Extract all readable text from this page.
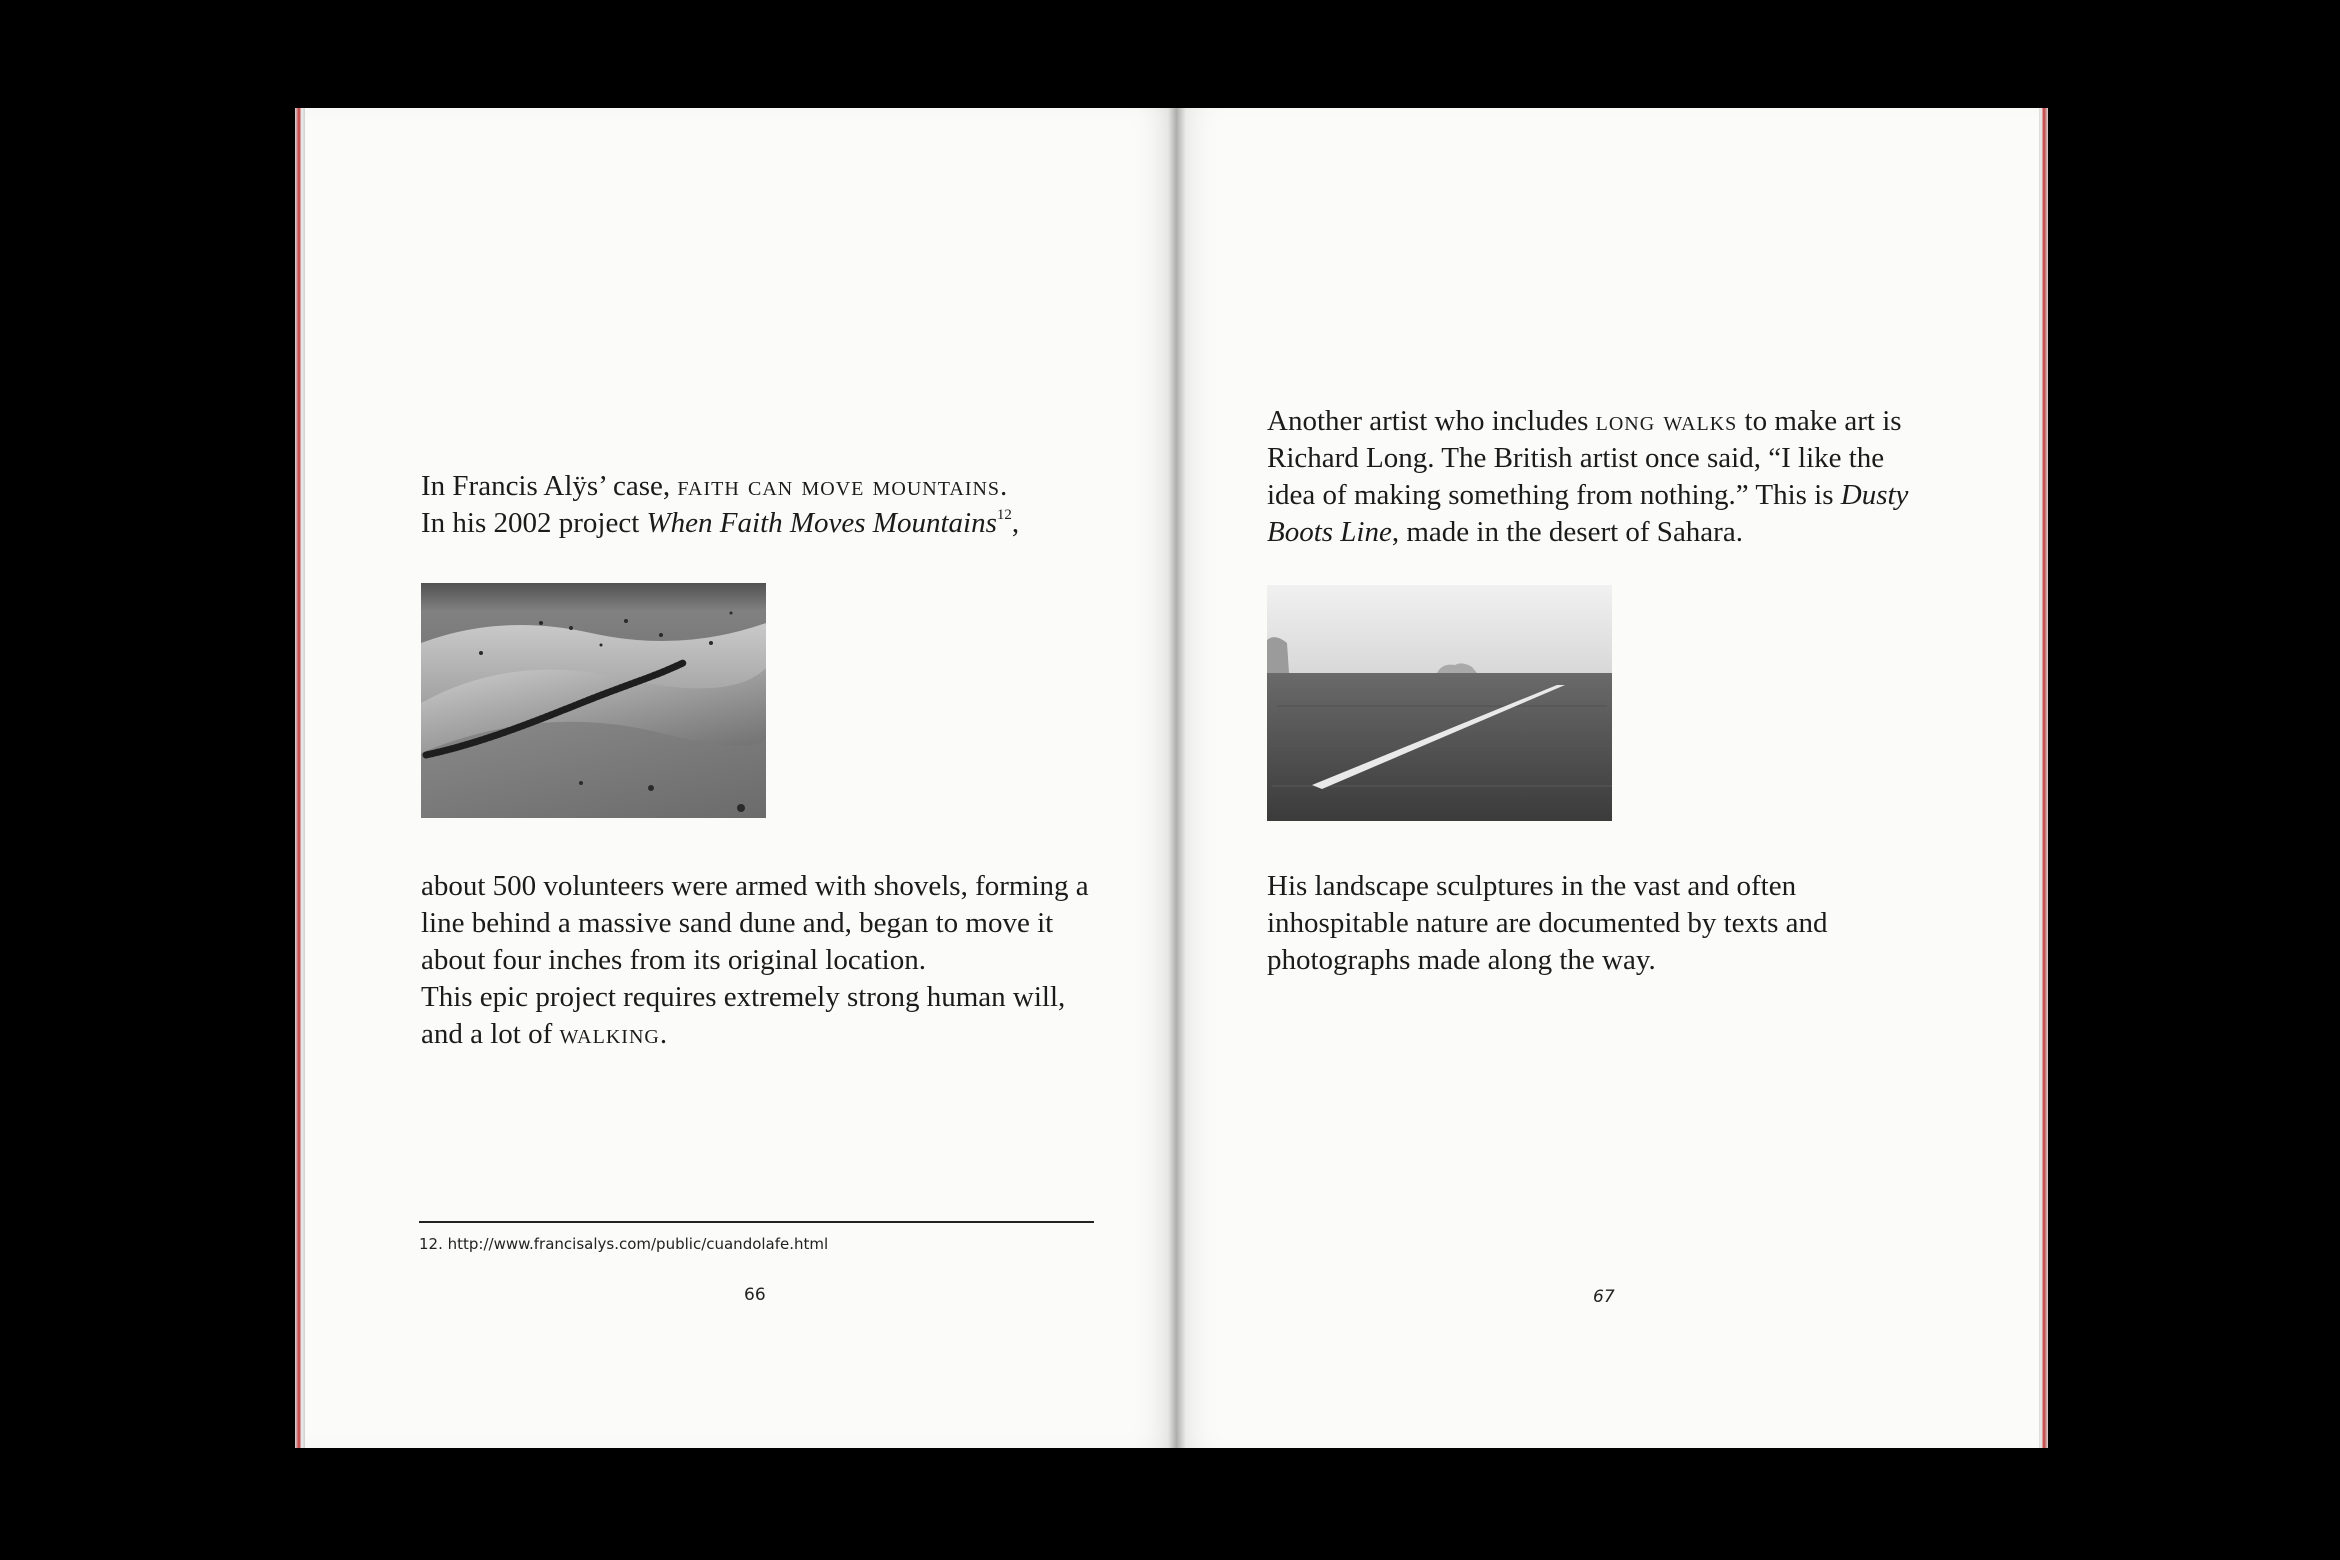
In Francis Alÿs’ case, faith can move mountains.
In his 2002 project When Faith Moves Mountains$^{12}$,

about 500 volunteers were armed with shovels, forming a line behind a massive sand dune and, began to move it about four inches from its original location.
This epic project requires extremely strong human will,
and a lot of walking.

12. http://www.francisalys.com/public/cuandolafe.html
66

Another artist who includes long walks to make art is Richard Long. The British artist once said, “I like the idea of making something from nothing.” This is Dusty Boots Line, made in the desert of Sahara.

His landscape sculptures in the vast and often inhospitable nature are documented by texts and photographs made along the way.

67
